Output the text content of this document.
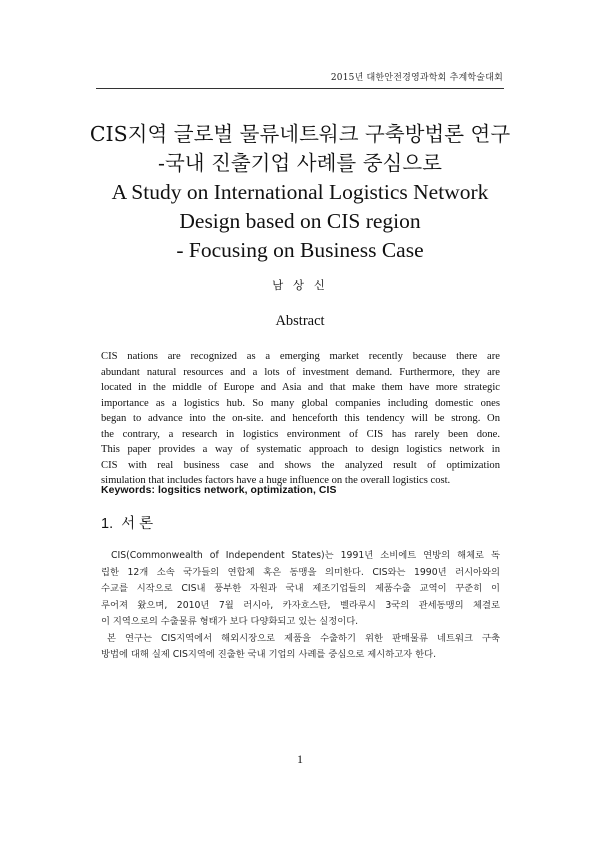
2015년 대한안전경영과학회 추계학술대회
CIS지역 글로벌 물류네트워크 구축방법론 연구
-국내 진출기업 사례를 중심으로
A Study on International Logistics Network
Design based on CIS region
- Focusing on Business Case
남 상 신
Abstract
CIS nations are recognized as a emerging market recently because there are
abundant natural resources and a lots of investment demand. Furthermore, they are
located in the middle of Europe and Asia and that make them have more strategic
importance as a logistics hub. So many global companies including domestic ones
began to advance into the on-site. and henceforth this tendency will be strong. On
the contrary, a research in logistics environment of CIS has rarely been done.
This paper provides a way of systematic approach to design logistics network in
CIS with real business case and shows the analyzed result of optimization
simulation that includes factors have a huge influence on the overall logistics cost.
Keywords: logsitics network, optimization, CIS
1. 서 론
CIS(Commonwealth of Independent States)는 1991년 소비에트 연방의 해체로 독
립한 12개 소속 국가들의 연합체 혹은 동맹을 의미한다. CIS와는 1990년 러시아와의
수교를 시작으로 CIS내 풍부한 자원과 국내 제조기업들의 제품수출 교역이 꾸준히 이
루어져 왔으며, 2010년 7월 러시아, 카자흐스탄, 벨라루시 3국의 관세동맹의 체결로
이 지역으로의 수출물류 형태가 보다 다양화되고 있는 실정이다.
본 연구는 CIS지역에서 해외시장으로 제품을 수출하기 위한 판매물류 네트워크 구축
방법에 대해 실제 CIS지역에 진출한 국내 기업의 사례를 중심으로 제시하고자 한다.
1
